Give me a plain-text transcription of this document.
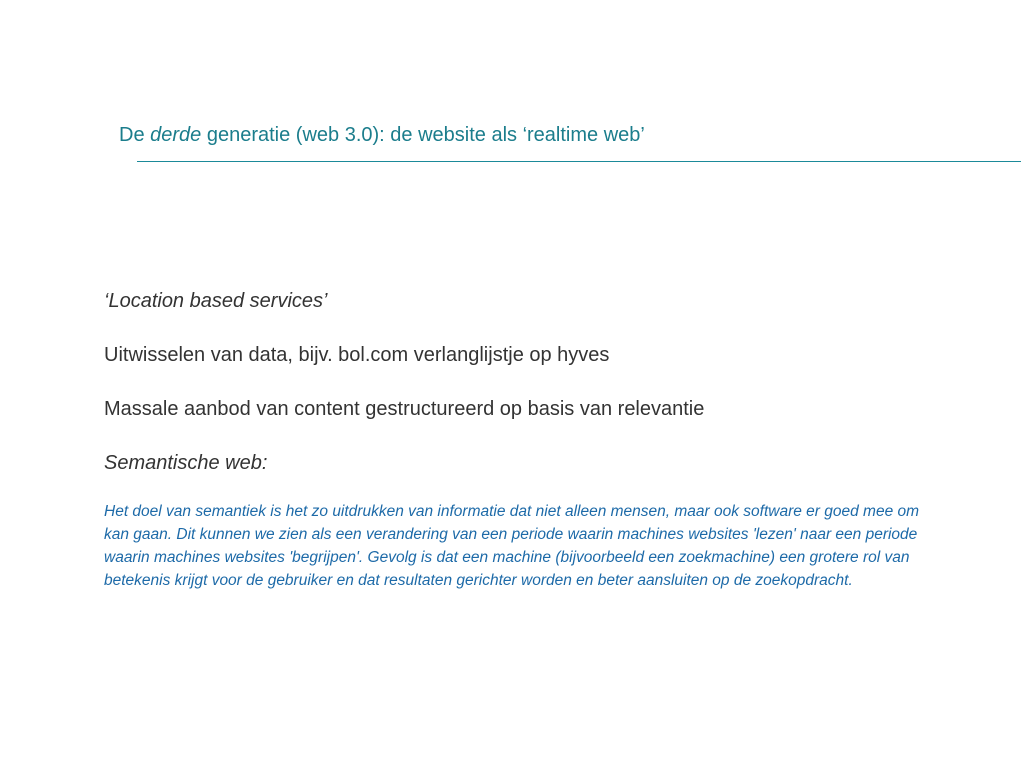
De derde generatie (web 3.0): de website als ‘realtime web’

‘Location based services’

Uitwisselen van data, bijv. bol.com verlanglijstje op hyves

Massale aanbod van content gestructureerd op basis van relevantie

Semantische web:

Het doel van semantiek is het zo uitdrukken van informatie dat niet alleen mensen, maar ook software er goed mee om kan gaan. Dit kunnen we zien als een verandering van een periode waarin machines websites 'lezen' naar een periode waarin machines websites 'begrijpen'. Gevolg is dat een machine (bijvoorbeeld een zoekmachine) een grotere rol van betekenis krijgt voor de gebruiker en dat resultaten gerichter worden en beter aansluiten op de zoekopdracht.
